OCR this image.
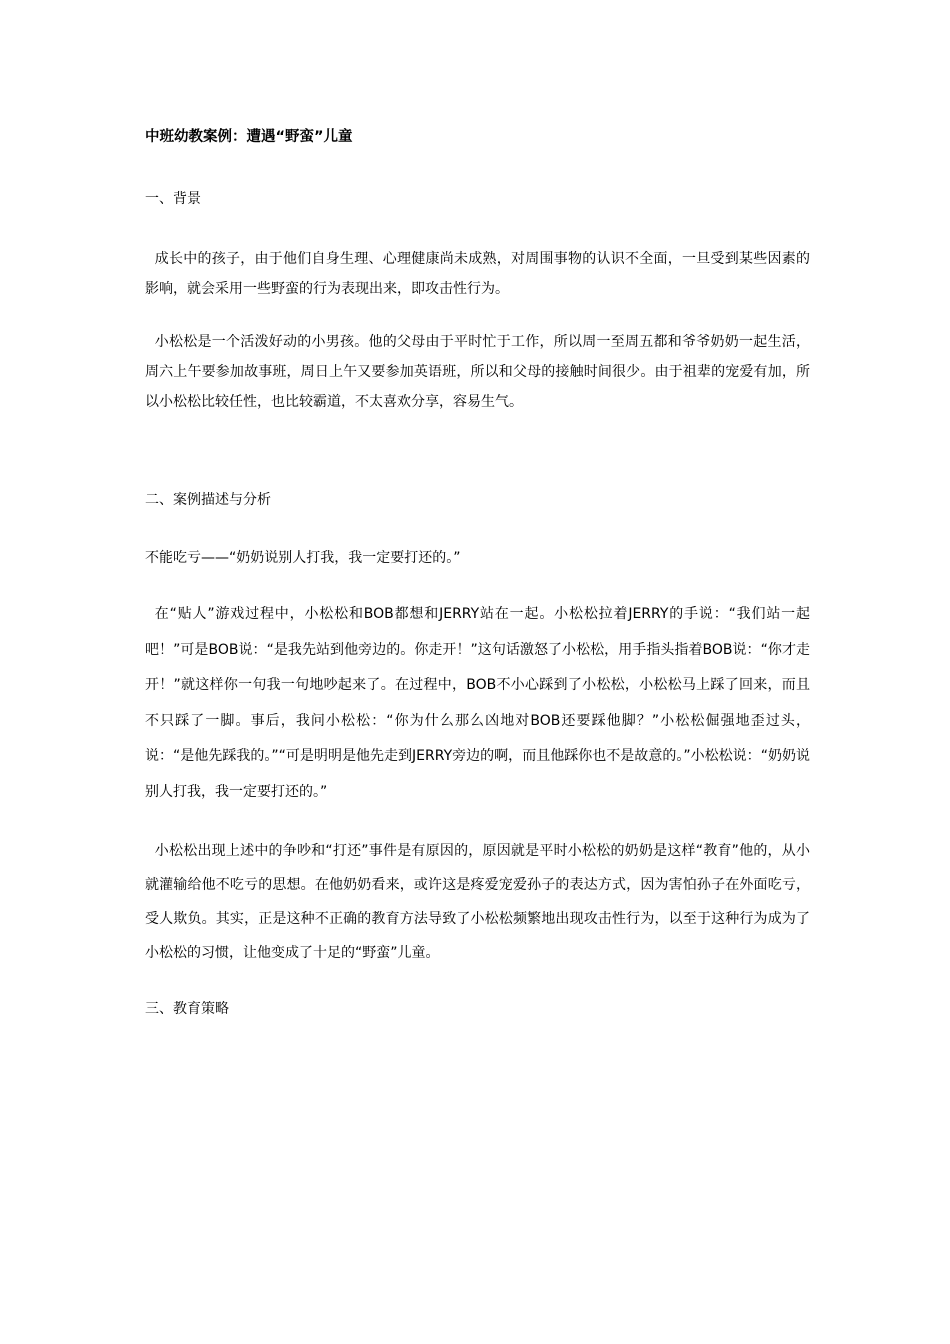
中班幼教案例：遭遇“野蛮”儿童

一、背景

成长中的孩子，由于他们自身生理、心理健康尚未成熟，对周围事物的认识不全面，一旦受到某些因素的影响，就会采用一些野蛮的行为表现出来，即攻击性行为。

小松松是一个活泼好动的小男孩。他的父母由于平时忙于工作，所以周一至周五都和爷爷奶奶一起生活，周六上午要参加故事班，周日上午又要参加英语班，所以和父母的接触时间很少。由于祖辈的宠爱有加，所以小松松比较任性，也比较霸道，不太喜欢分享，容易生气。

二、案例描述与分析

不能吃亏——“奶奶说别人打我，我一定要打还的。”

在“贴人”游戏过程中，小松松和BOB都想和JERRY站在一起。小松松拉着JERRY的手说：“我们站一起吧！”可是BOB说：“是我先站到他旁边的。你走开！”这句话激怒了小松松，用手指头指着BOB说：“你才走开！”就这样你一句我一句地吵起来了。在过程中，BOB不小心踩到了小松松，小松松马上踩了回来，而且不只踩了一脚。事后，我问小松松：“你为什么那么凶地对BOB还要踩他脚？”小松松倔强地歪过头，说：“是他先踩我的。”“可是明明是他先走到JERRY旁边的啊，而且他踩你也不是故意的。”小松松说：“奶奶说别人打我，我一定要打还的。”

小松松出现上述中的争吵和“打还”事件是有原因的，原因就是平时小松松的奶奶是这样“教育”他的，从小就灌输给他不吃亏的思想。在他奶奶看来，或许这是疼爱宠爱孙子的表达方式，因为害怕孙子在外面吃亏，受人欺负。其实，正是这种不正确的教育方法导致了小松松频繁地出现攻击性行为，以至于这种行为成为了小松松的习惯，让他变成了十足的“野蛮”儿童。

三、教育策略
